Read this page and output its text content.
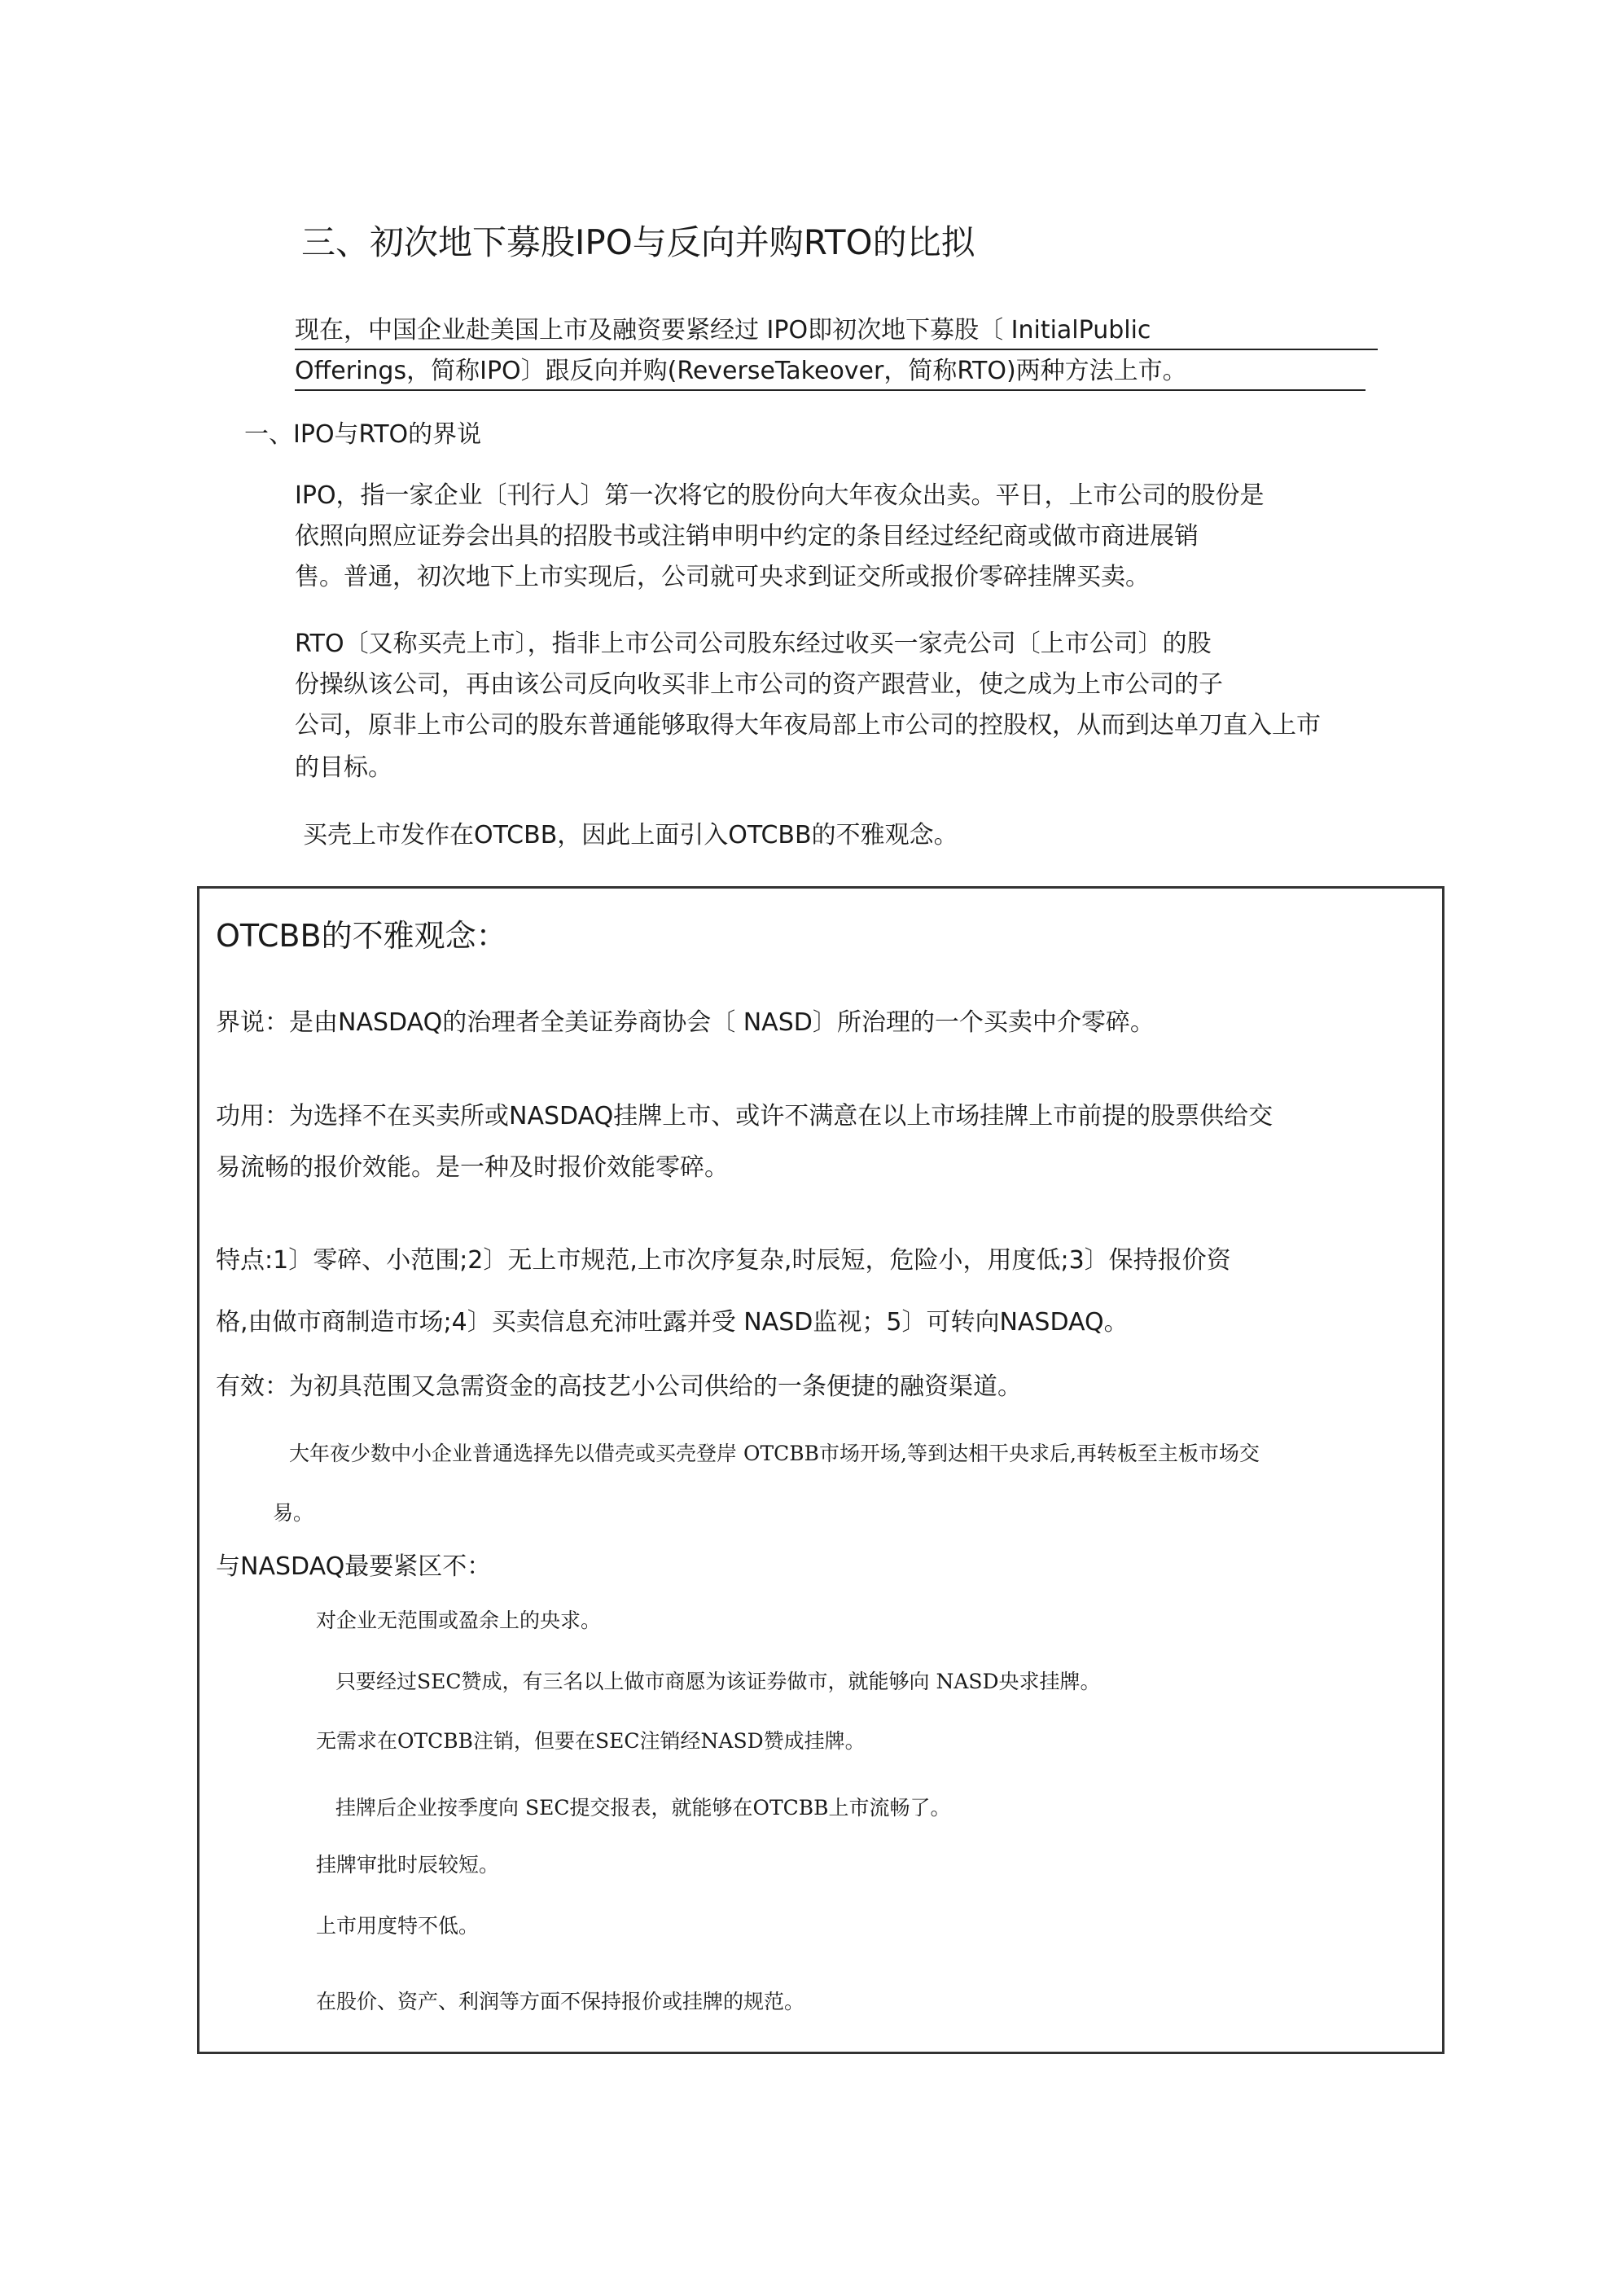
三、初次地下募股IPO与反向并购RTO的比拟
现在，中国企业赴美国上市及融资要紧经过 IPO即初次地下募股〔 InitialPublic
Offerings，简称IPO〕跟反向并购(ReverseTakeover，简称RTO)两种方法上市。
一、IPO与RTO的界说
IPO，指一家企业〔刊行人〕第一次将它的股份向大年夜众出卖。平日，上市公司的股份是
依照向照应证券会出具的招股书或注销申明中约定的条目经过经纪商或做市商进展销
售。普通，初次地下上市实现后，公司就可央求到证交所或报价零碎挂牌买卖。
RTO〔又称买壳上市〕，指非上市公司公司股东经过收买一家壳公司〔上市公司〕的股
份操纵该公司，再由该公司反向收买非上市公司的资产跟营业，使之成为上市公司的子
公司，原非上市公司的股东普通能够取得大年夜局部上市公司的控股权，从而到达单刀直入上市
的目标。
买壳上市发作在OTCBB，因此上面引入OTCBB的不雅观念。
OTCBB的不雅观念：
界说：是由NASDAQ的治理者全美证券商协会〔 NASD〕所治理的一个买卖中介零碎。
功用：为选择不在买卖所或NASDAQ挂牌上市、或许不满意在以上市场挂牌上市前提的股票供给交
易流畅的报价效能。是一种及时报价效能零碎。
特点:1〕零碎、小范围;2〕无上市规范,上市次序复杂,时辰短，危险小，用度低;3〕保持报价资
格,由做市商制造市场;4〕买卖信息充沛吐露并受 NASD监视；5〕可转向NASDAQ。
有效：为初具范围又急需资金的高技艺小公司供给的一条便捷的融资渠道。
大年夜少数中小企业普通选择先以借壳或买壳登岸 OTCBB市场开场,等到达相干央求后,再转板至主板市场交
易。
与NASDAQ最要紧区不：
对企业无范围或盈余上的央求。
只要经过SEC赞成，有三名以上做市商愿为该证券做市，就能够向 NASD央求挂牌。
无需求在OTCBB注销，但要在SEC注销经NASD赞成挂牌。
挂牌后企业按季度向 SEC提交报表，就能够在OTCBB上市流畅了。
挂牌审批时辰较短。
上市用度特不低。
在股价、资产、利润等方面不保持报价或挂牌的规范。
